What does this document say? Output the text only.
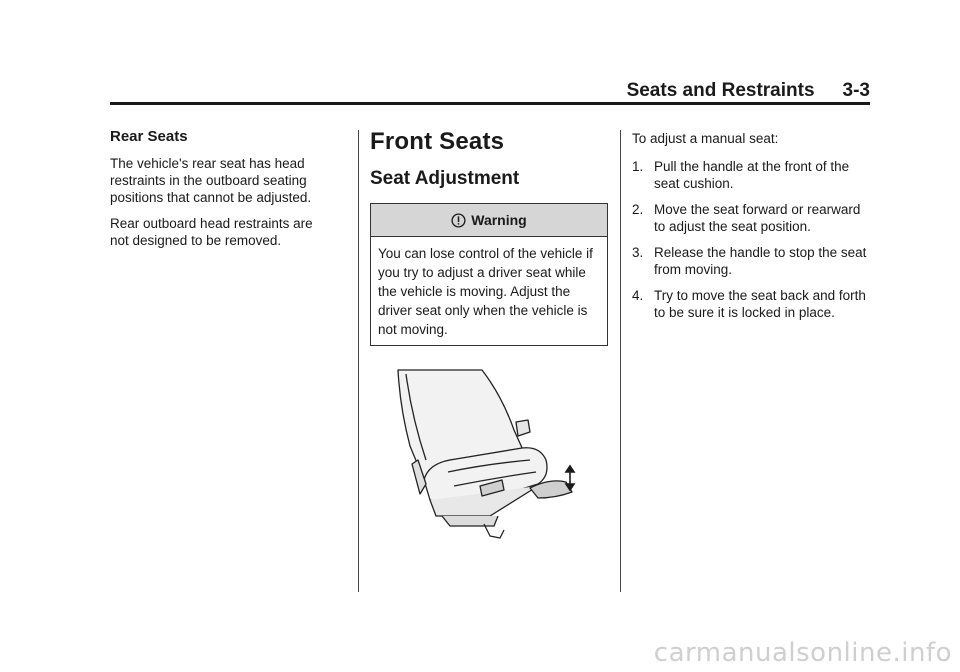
Seats and Restraints 3-3
Rear Seats

The vehicle's rear seat has head restraints in the outboard seating positions that cannot be adjusted.

Rear outboard head restraints are not designed to be removed.

Front Seats
Seat Adjustment
Warning
You can lose control of the vehicle if you try to adjust a driver seat while the vehicle is moving. Adjust the driver seat only when the vehicle is not moving.

To adjust a manual seat:

1. Pull the handle at the front of the seat cushion.
2. Move the seat forward or rearward to adjust the seat position.
3. Release the handle to stop the seat from moving.
4. Try to move the seat back and forth to be sure it is locked in place.
carmanualsonline.info
